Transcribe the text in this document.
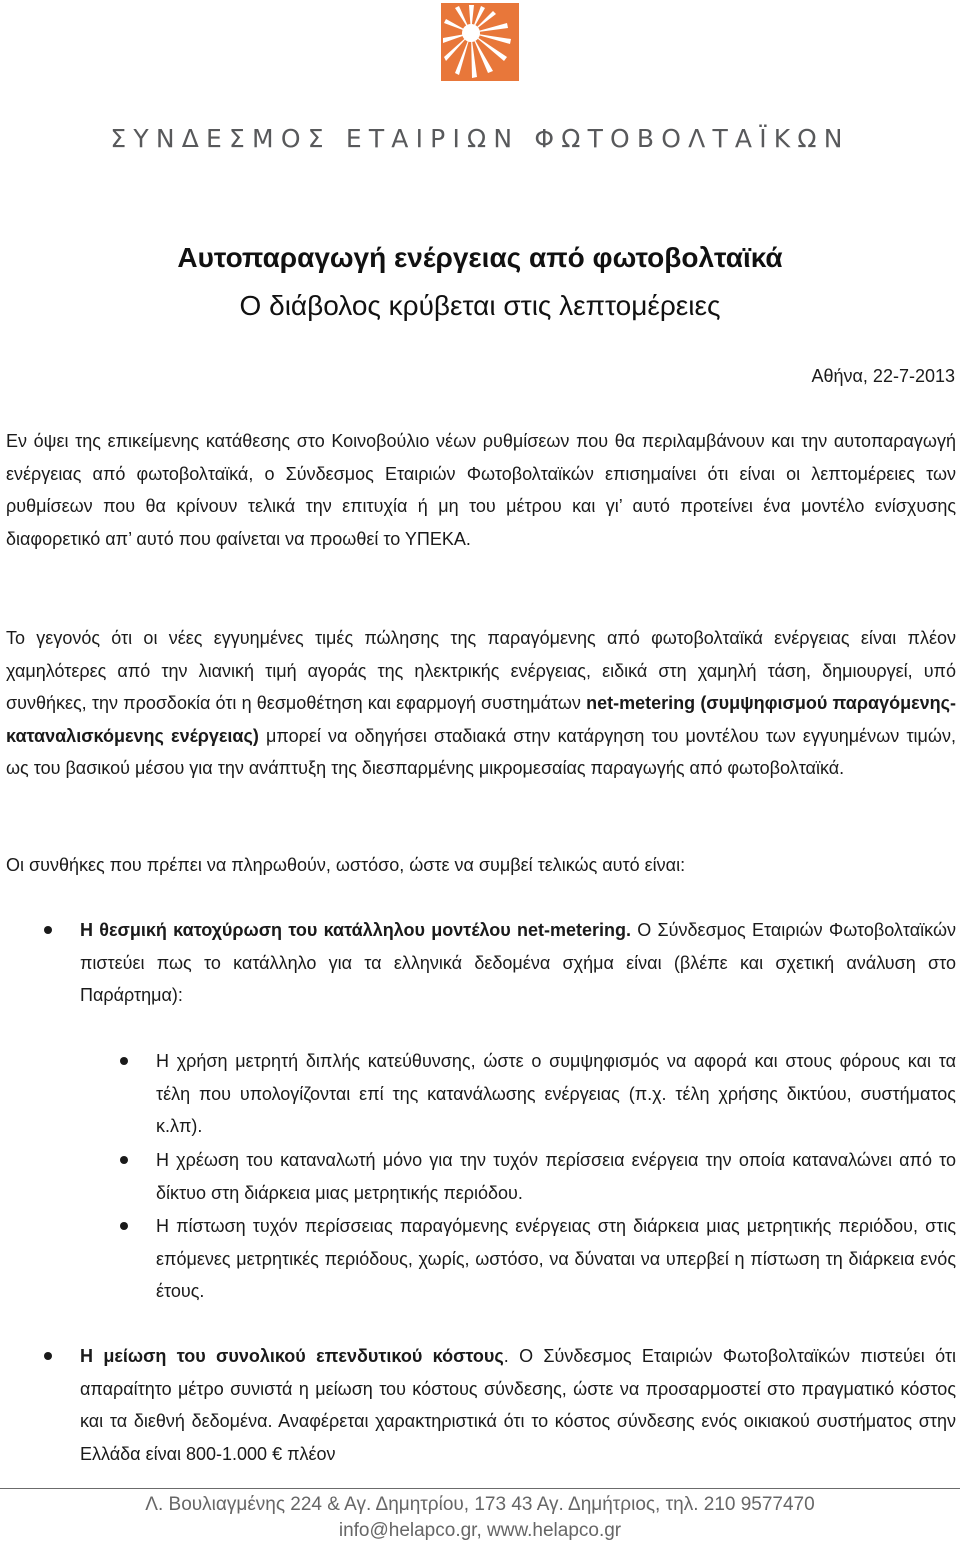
ΣΥΝΔΕΣΜΟΣ ΕΤΑΙΡΙΩΝ ΦΩΤΟΒΟΛΤΑΪΚΩΝ
Αυτοπαραγωγή ενέργειας από φωτοβολταϊκά
Ο διάβολος κρύβεται στις λεπτομέρειες
Αθήνα, 22-7-2013
Εν όψει της επικείμενης κατάθεσης στο Κοινοβούλιο νέων ρυθμίσεων που θα περιλαμβάνουν και την αυτοπαραγωγή ενέργειας από φωτοβολταϊκά, ο Σύνδεσμος Εταιριών Φωτοβολταϊκών επισημαίνει ότι είναι οι λεπτομέρειες των ρυθμίσεων που θα κρίνουν τελικά την επιτυχία ή μη του μέτρου και γι’ αυτό προτείνει ένα μοντέλο ενίσχυσης διαφορετικό απ’ αυτό που φαίνεται να προωθεί το ΥΠΕΚΑ.
Το γεγονός ότι οι νέες εγγυημένες τιμές πώλησης της παραγόμενης από φωτοβολταϊκά ενέργειας είναι πλέον χαμηλότερες από την λιανική τιμή αγοράς της ηλεκτρικής ενέργειας, ειδικά στη χαμηλή τάση, δημιουργεί, υπό συνθήκες, την προσδοκία ότι η θεσμοθέτηση και εφαρμογή συστημάτων net-metering (συμψηφισμού παραγόμενης-καταναλισκόμενης ενέργειας) μπορεί να οδηγήσει σταδιακά στην κατάργηση του μοντέλου των εγγυημένων τιμών, ως του βασικού μέσου για την ανάπτυξη της διεσπαρμένης μικρομεσαίας παραγωγής από φωτοβολταϊκά.
Οι συνθήκες που πρέπει να πληρωθούν, ωστόσο, ώστε να συμβεί τελικώς αυτό είναι:
Η θεσμική κατοχύρωση του κατάλληλου μοντέλου net-metering. Ο Σύνδεσμος Εταιριών Φωτοβολταϊκών πιστεύει πως το κατάλληλο για τα ελληνικά δεδομένα σχήμα είναι (βλέπε και σχετική ανάλυση στο Παράρτημα):
Η χρήση μετρητή διπλής κατεύθυνσης, ώστε ο συμψηφισμός να αφορά και στους φόρους και τα τέλη που υπολογίζονται επί της κατανάλωσης ενέργειας (π.χ. τέλη χρήσης δικτύου, συστήματος κ.λπ).
Η χρέωση του καταναλωτή μόνο για την τυχόν περίσσεια ενέργεια την οποία καταναλώνει από το δίκτυο στη διάρκεια μιας μετρητικής περιόδου.
Η πίστωση τυχόν περίσσειας παραγόμενης ενέργειας στη διάρκεια μιας μετρητικής περιόδου, στις επόμενες μετρητικές περιόδους, χωρίς, ωστόσο, να δύναται να υπερβεί η πίστωση τη διάρκεια ενός έτους.
Η μείωση του συνολικού επενδυτικού κόστους. Ο Σύνδεσμος Εταιριών Φωτοβολταϊκών πιστεύει ότι απαραίτητο μέτρο συνιστά η μείωση του κόστους σύνδεσης, ώστε να προσαρμοστεί στο πραγματικό κόστος και τα διεθνή δεδομένα. Αναφέρεται χαρακτηριστικά ότι το κόστος σύνδεσης ενός οικιακού συστήματος στην Ελλάδα είναι 800-1.000 € πλέον
Λ. Βουλιαγμένης 224 & Αγ. Δημητρίου, 173 43 Αγ. Δημήτριος, τηλ. 210 9577470
info@helapco.gr, www.helapco.gr
